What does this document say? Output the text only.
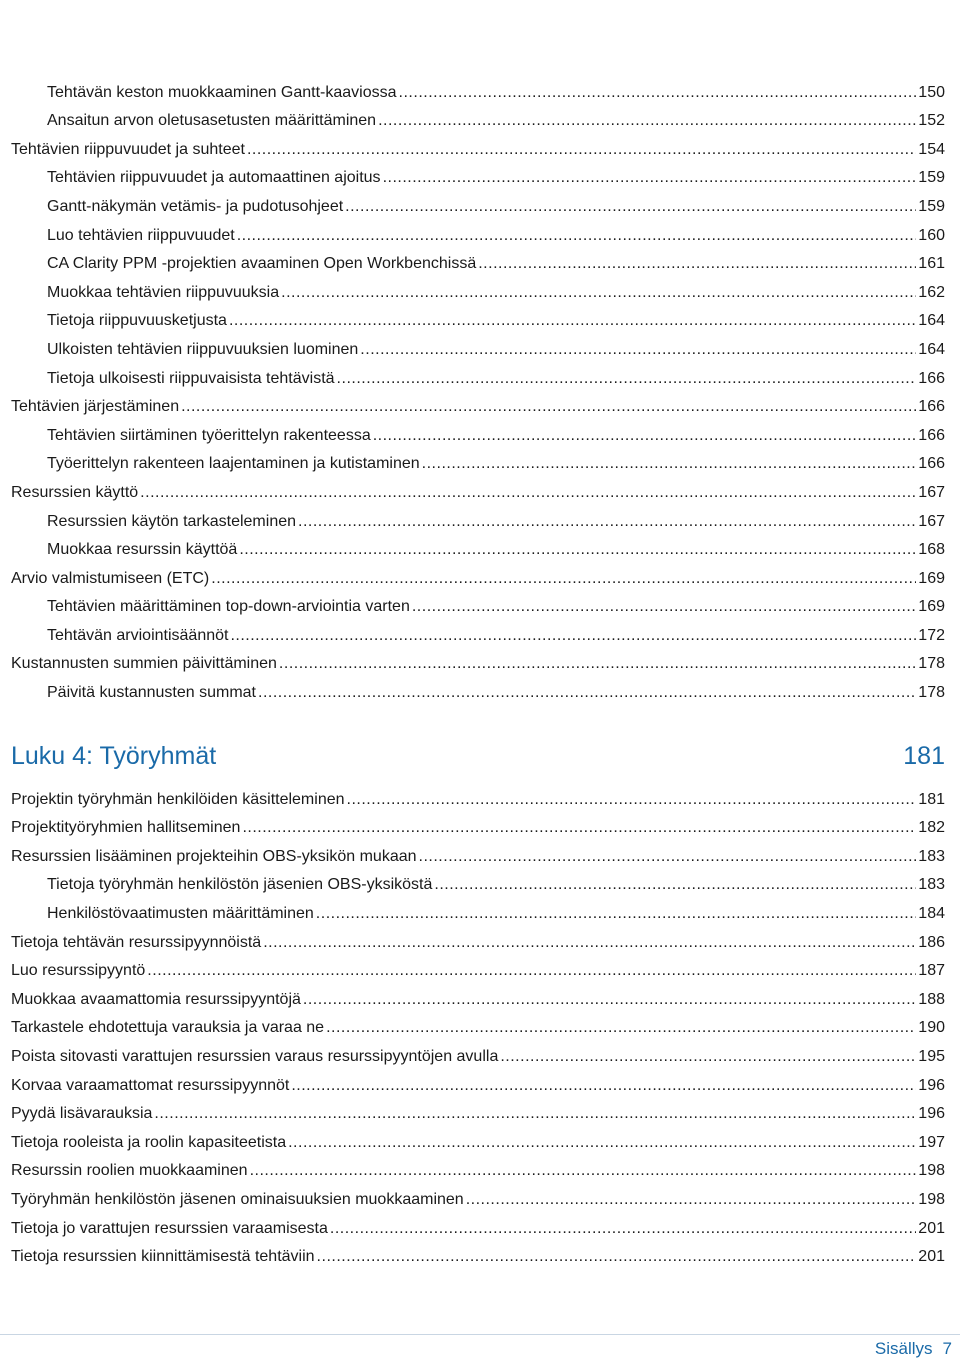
Tehtävän keston muokkaaminen Gantt-kaaviossa .....	150
Ansaitun arvon oletusasetusten määrittäminen .....	152
Tehtävien riippuvuudet ja suhteet .....	154
Tehtävien riippuvuudet ja automaattinen ajoitus .....	159
Gantt-näkymän vetämis- ja pudotusohjeet .....	159
Luo tehtävien riippuvuudet .....	160
CA Clarity PPM -projektien avaaminen Open Workbenchissä .....	161
Muokkaa tehtävien riippuvuuksia .....	162
Tietoja riippuvuusketjusta .....	164
Ulkoisten tehtävien riippuvuuksien luominen .....	164
Tietoja ulkoisesti riippuvaisista tehtävistä .....	166
Tehtävien järjestäminen .....	166
Tehtävien siirtäminen työerittelyn rakenteessa .....	166
Työerittelyn rakenteen laajentaminen ja kutistaminen .....	166
Resurssien käyttö .....	167
Resurssien käytön tarkasteleminen .....	167
Muokkaa resurssin käyttöä .....	168
Arvio valmistumiseen (ETC) .....	169
Tehtävien määrittäminen top-down-arviointia varten .....	169
Tehtävän arviointisäännöt .....	172
Kustannusten summien päivittäminen .....	178
Päivitä kustannusten summat .....	178
Luku 4: Työryhmät	181
Projektin työryhmän henkilöiden käsitteleminen .....	181
Projektityöryhmien hallitseminen .....	182
Resurssien lisääminen projekteihin OBS-yksikön mukaan .....	183
Tietoja työryhmän henkilöstön jäsenien OBS-yksiköstä .....	183
Henkilöstövaatimusten määrittäminen .....	184
Tietoja tehtävän resurssipyynnöistä .....	186
Luo resurssipyyntö .....	187
Muokkaa avaamattomia resurssipyyntöjä .....	188
Tarkastele ehdotettuja varauksia ja varaa ne .....	190
Poista sitovasti varattujen resurssien varaus resurssipyyntöjen avulla .....	195
Korvaa varaamattomat resurssipyynnöt .....	196
Pyydä lisävarauksia .....	196
Tietoja rooleista ja roolin kapasiteetista .....	197
Resurssin roolien muokkaaminen .....	198
Työryhmän henkilöstön jäsenen ominaisuuksien muokkaaminen .....	198
Tietoja jo varattujen resurssien varaamisesta .....	201
Tietoja resurssien kiinnittämisestä tehtäviin .....	201
Sisällys 7
